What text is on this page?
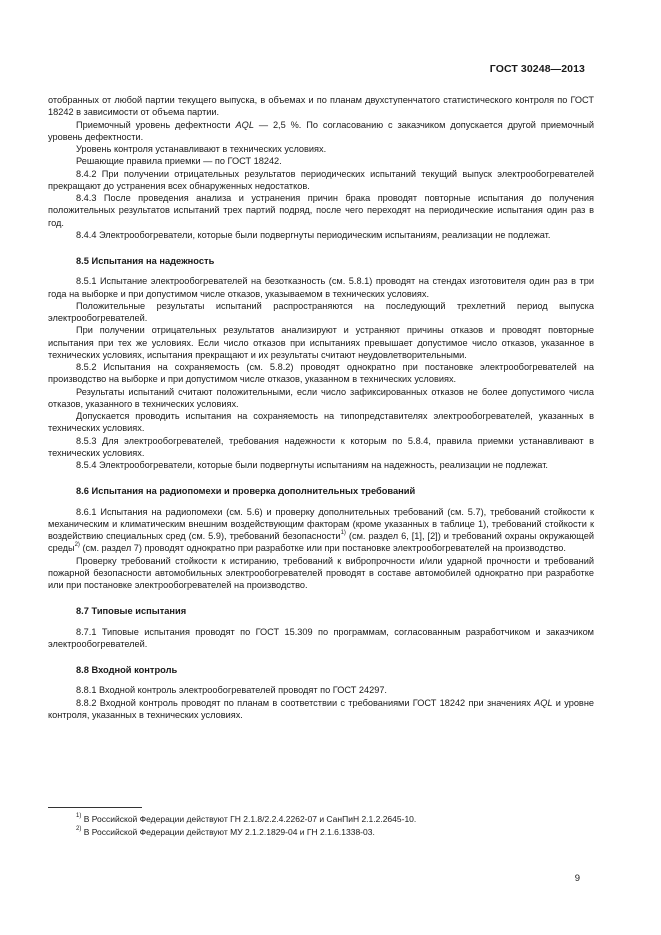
ГОСТ 30248—2013

отобранных от любой партии текущего выпуска, в объемах и по планам двухступенчатого статистического контроля по ГОСТ 18242 в зависимости от объема партии.

Приемочный уровень дефектности AQL — 2,5 %. По согласованию с заказчиком допускается другой приемочный уровень дефектности.

Уровень контроля устанавливают в технических условиях.

Решающие правила приемки — по ГОСТ 18242.

8.4.2 При получении отрицательных результатов периодических испытаний текущий выпуск электрообогревателей прекращают до устранения всех обнаруженных недостатков.

8.4.3 После проведения анализа и устранения причин брака проводят повторные испытания до получения положительных результатов испытаний трех партий подряд, после чего переходят на периодические испытания один раз в год.

8.4.4 Электрообогреватели, которые были подвергнуты периодическим испытаниям, реализации не подлежат.

8.5 Испытания на надежность

8.5.1 Испытание электрообогревателей на безотказность (см. 5.8.1) проводят на стендах изготовителя один раз в три года на выборке и при допустимом числе отказов, указываемом в технических условиях.

Положительные результаты испытаний распространяются на последующий трехлетний период выпуска электрообогревателей.

При получении отрицательных результатов анализируют и устраняют причины отказов и проводят повторные испытания при тех же условиях. Если число отказов при испытаниях превышает допустимое число отказов, указанное в технических условиях, испытания прекращают и их результаты считают неудовлетворительными.

8.5.2 Испытания на сохраняемость (см. 5.8.2) проводят однократно при постановке электрообогревателей на производство на выборке и при допустимом числе отказов, указанном в технических условиях.

Результаты испытаний считают положительными, если число зафиксированных отказов не более допустимого числа отказов, указанного в технических условиях.

Допускается проводить испытания на сохраняемость на типопредставителях электрообогревателей, указанных в технических условиях.

8.5.3 Для электрообогревателей, требования надежности к которым по 5.8.4, правила приемки устанавливают в технических условиях.

8.5.4 Электрообогреватели, которые были подвергнуты испытаниям на надежность, реализации не подлежат.

8.6 Испытания на радиопомехи и проверка дополнительных требований

8.6.1 Испытания на радиопомехи (см. 5.6) и проверку дополнительных требований (см. 5.7), требований стойкости к механическим и климатическим внешним воздействующим факторам (кроме указанных в таблице 1), требований стойкости к воздействию специальных сред (см. 5.9), требований безопасности$^{1)}$ (см. раздел 6, [1], [2]) и требований охраны окружающей среды$^{2)}$ (см. раздел 7) проводят однократно при разработке или при постановке электрообогревателей на производство.

Проверку требований стойкости к истиранию, требований к вибропрочности и/или ударной прочности и требований пожарной безопасности автомобильных электрообогревателей проводят в составе автомобилей однократно при разработке или при постановке электрообогревателей на производство.

8.7 Типовые испытания

8.7.1 Типовые испытания проводят по ГОСТ 15.309 по программам, согласованным разработчиком и заказчиком электрообогревателей.

8.8 Входной контроль

8.8.1 Входной контроль электрообогревателей проводят по ГОСТ 24297.

8.8.2 Входной контроль проводят по планам в соответствии с требованиями ГОСТ 18242 при значениях AQL и уровне контроля, указанных в технических условиях.

$^{1)}$ В Российской Федерации действуют ГН 2.1.8/2.2.4.2262-07 и СанПиН 2.1.2.2645-10.

$^{2)}$ В Российской Федерации действуют МУ 2.1.2.1829-04 и ГН 2.1.6.1338-03.

9
